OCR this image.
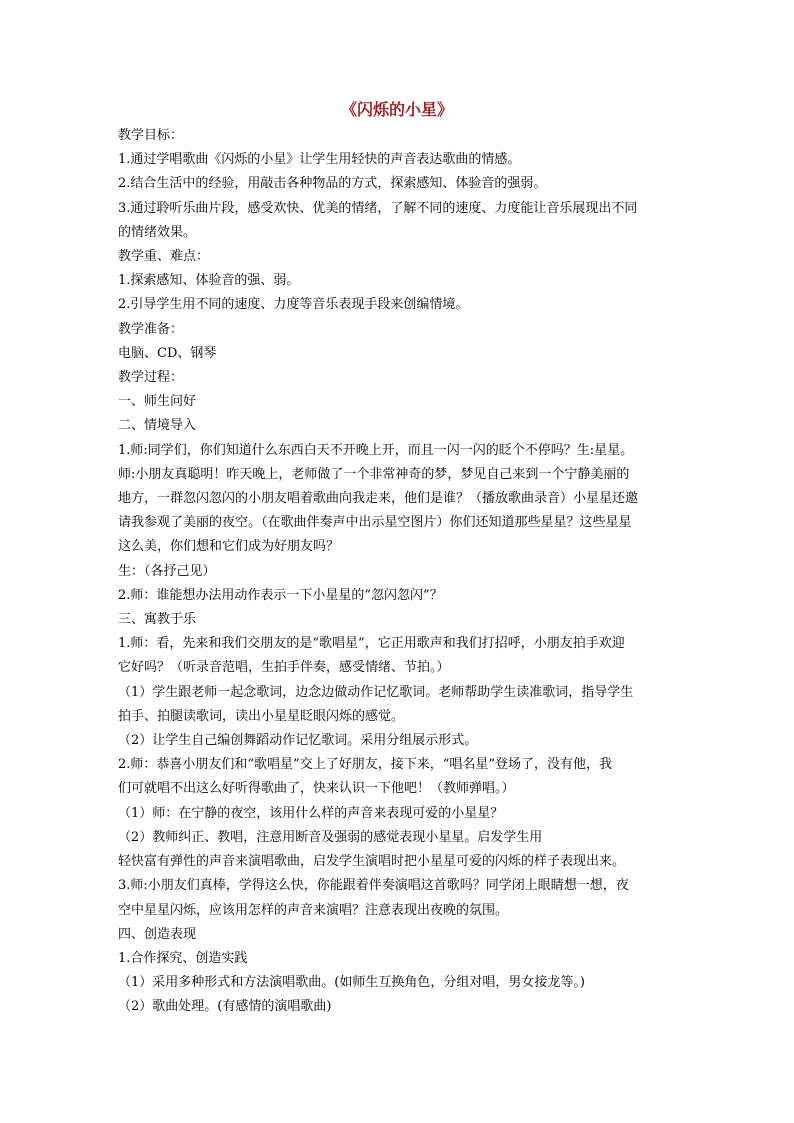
《闪烁的小星》

教学目标：

1.通过学唱歌曲《闪烁的小星》让学生用轻快的声音表达歌曲的情感。

2.结合生活中的经验，用敲击各种物品的方式，探索感知、体验音的强弱。

3.通过聆听乐曲片段，感受欢快、优美的情绪，了解不同的速度、力度能让音乐展现出不同

的情绪效果。

教学重、难点：

1.探索感知、体验音的强、弱。

2.引导学生用不同的速度、力度等音乐表现手段来创编情境。

教学准备：

电脑、CD、钢琴

教学过程：

一、师生问好

二、情境导入

1.师:同学们，你们知道什么东西白天不开晚上开，而且一闪一闪的眨个不停吗？生:星星。

师:小朋友真聪明！昨天晚上，老师做了一个非常神奇的梦，梦见自己来到一个宁静美丽的

地方，一群忽闪忽闪的小朋友唱着歌曲向我走来，他们是谁？（播放歌曲录音）小星星还邀

请我参观了美丽的夜空。（在歌曲伴奏声中出示星空图片）你们还知道那些星星？这些星星

这么美，你们想和它们成为好朋友吗？

生：（各抒己见）

2.师：谁能想办法用动作表示一下小星星的“忽闪忽闪”？

三、寓教于乐

1.师：看，先来和我们交朋友的是“歌唱星”，它正用歌声和我们打招呼，小朋友拍手欢迎

它好吗？（听录音范唱，生拍手伴奏，感受情绪、节拍。）

（1）学生跟老师一起念歌词，边念边做动作记忆歌词。老师帮助学生读准歌词，指导学生

拍手、拍腿读歌词，读出小星星眨眼闪烁的感觉。

（2）让学生自己编创舞蹈动作记忆歌词。采用分组展示形式。

2.师：恭喜小朋友们和“歌唱星”交上了好朋友，接下来，“唱名星”登场了，没有他，我

们可就唱不出这么好听得歌曲了，快来认识一下他吧！（教师弹唱。）

（1）师：在宁静的夜空，该用什么样的声音来表现可爱的小星星？

（2）教师纠正、教唱，注意用断音及强弱的感觉表现小星星。启发学生用

轻快富有弹性的声音来演唱歌曲，启发学生演唱时把小星星可爱的闪烁的样子表现出来。

3.师:小朋友们真棒，学得这么快，你能跟着伴奏演唱这首歌吗？同学闭上眼睛想一想，夜

空中星星闪烁，应该用怎样的声音来演唱？注意表现出夜晚的氛围。

四、创造表现

1.合作探究、创造实践

（1）采用多种形式和方法演唱歌曲。(如师生互换角色，分组对唱，男女接龙等。)

（2）歌曲处理。(有感情的演唱歌曲)
